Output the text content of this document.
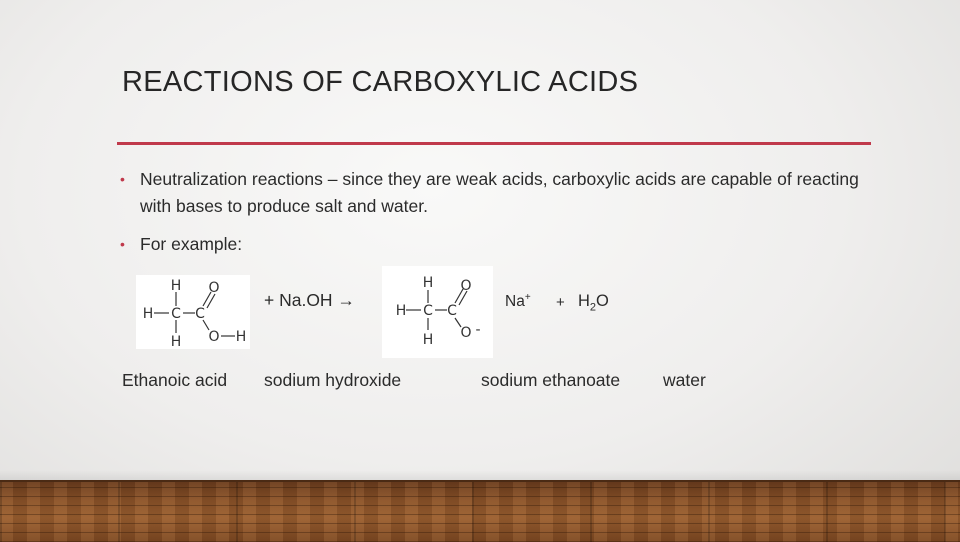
REACTIONS OF CARBOXYLIC ACIDS
• Neutralization reactions – since they are weak acids, carboxylic acids are capable of reacting with bases to produce salt and water.
• For example:
H O
H C C
H O H
+ Na.OH →
H O
H C C
H O -
$Na^+ + H_2O$
Ethanoic acid sodium hydroxide	sodium ethanoate water
